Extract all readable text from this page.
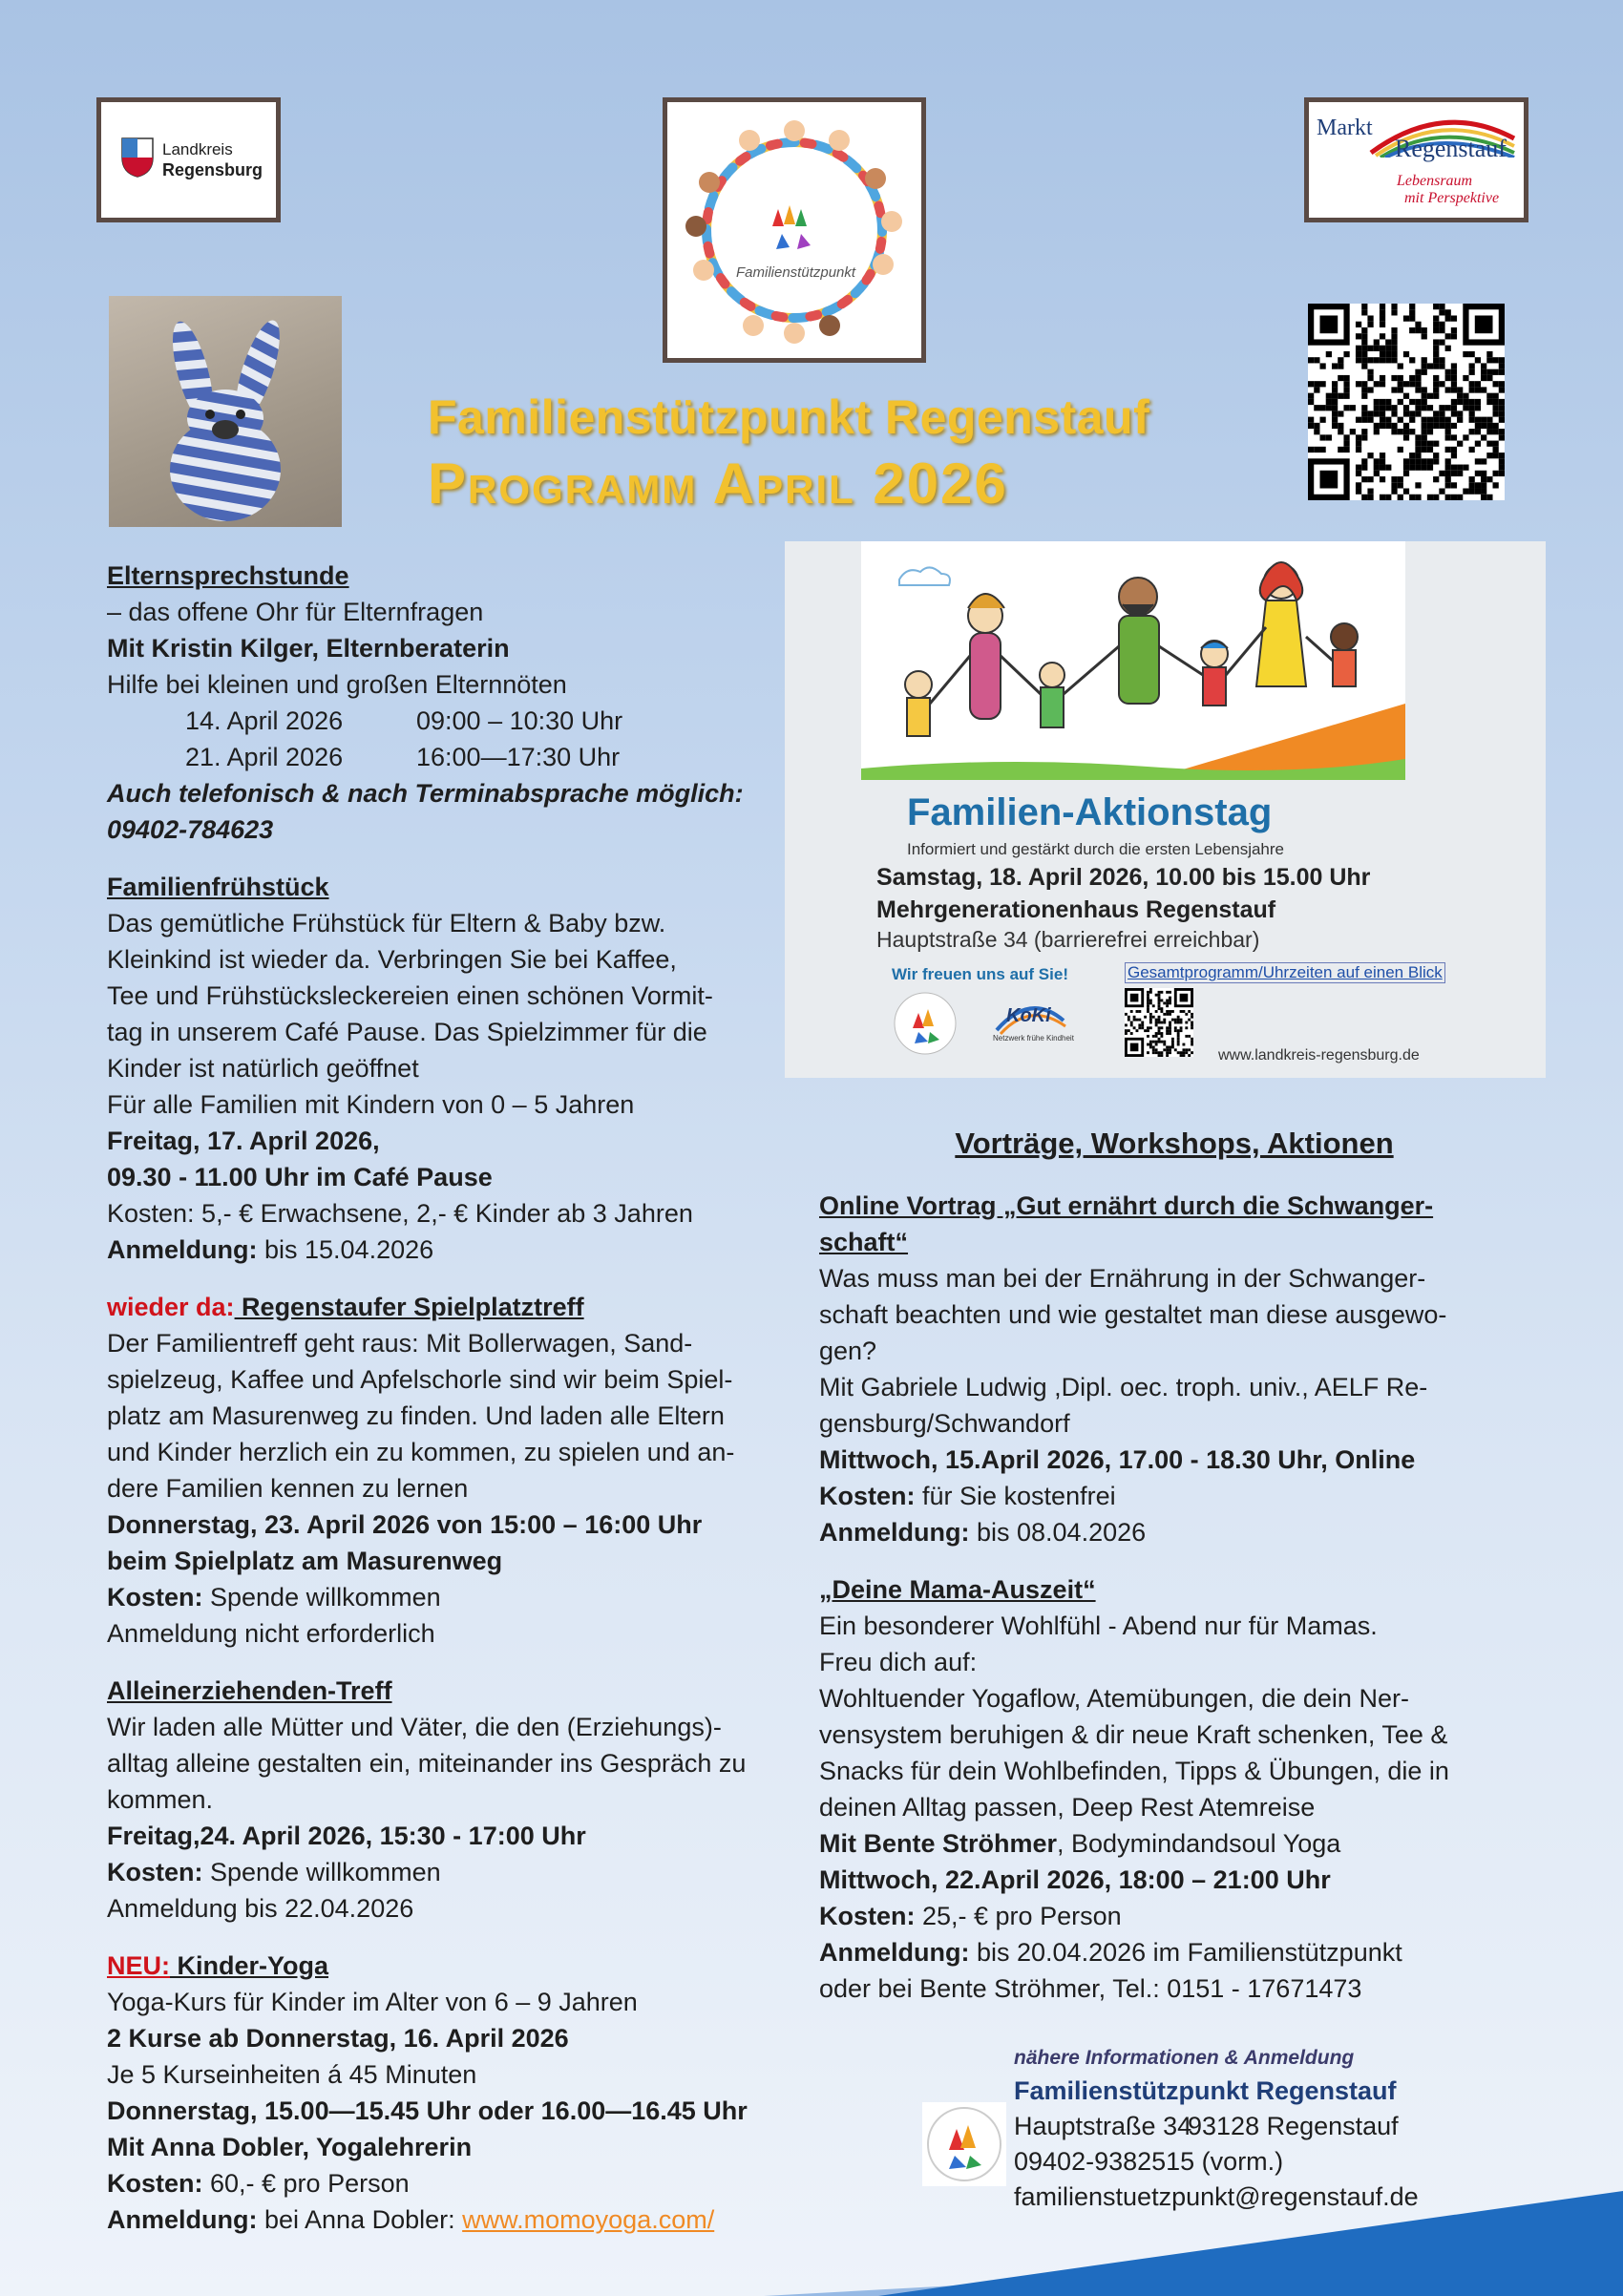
Landkreis
Regensburg
Familienstützpunkt
Markt
Regenstauf
Lebensraum
mit Perspektive
Familienstützpunkt Regenstauf
Programm April 2026

Elternsprechstunde

– das offene Ohr für Elternfragen

Mit Kristin Kilger, Elternberaterin

Hilfe bei kleinen und großen Elternnöten

14. April 2026	09:00 – 10:30 Uhr

21. April 2026	16:00—17:30 Uhr

Auch telefonisch & nach Terminabsprache möglich:

09402-784623

Familienfrühstück

Das gemütliche Frühstück für Eltern & Baby bzw.

Kleinkind ist wieder da. Verbringen Sie bei Kaffee,

Tee und Frühstücksleckereien einen schönen Vormit-

tag in unserem Café Pause. Das Spielzimmer für die

Kinder ist natürlich geöffnet

Für alle Familien mit Kindern von 0 – 5 Jahren

Freitag, 17. April 2026,

09.30 - 11.00 Uhr im Café Pause

Kosten: 5,- € Erwachsene, 2,- € Kinder ab 3 Jahren

Anmeldung: bis 15.04.2026

wieder da: Regenstaufer Spielplatztreff

Der Familientreff geht raus: Mit Bollerwagen, Sand-

spielzeug, Kaffee und Apfelschorle sind wir beim Spiel-

platz am Masurenweg zu finden. Und laden alle Eltern

und Kinder herzlich ein zu kommen, zu spielen und an-

dere Familien kennen zu lernen

Donnerstag, 23. April 2026 von 15:00 – 16:00 Uhr

beim Spielplatz am Masurenweg

Kosten: Spende willkommen

Anmeldung nicht erforderlich

Alleinerziehenden-Treff

Wir laden alle Mütter und Väter, die den (Erziehungs)-

alltag alleine gestalten ein, miteinander ins Gespräch zu

kommen.

Freitag,24. April 2026, 15:30 - 17:00 Uhr

Kosten: Spende willkommen

Anmeldung bis 22.04.2026

NEU: Kinder-Yoga

Yoga-Kurs für Kinder im Alter von 6 – 9 Jahren

2 Kurse ab Donnerstag, 16. April 2026

Je 5 Kurseinheiten á 45 Minuten

Donnerstag, 15.00—15.45 Uhr oder 16.00—16.45 Uhr

Mit Anna Dobler, Yogalehrerin

Kosten: 60,- € pro Person

Anmeldung: bei Anna Dobler: www.momoyoga.com/

Familien-Aktionstag
Informiert und gestärkt durch die ersten Lebensjahre
Samstag, 18. April 2026, 10.00 bis 15.00 Uhr
Mehrgenerationenhaus Regenstauf
Hauptstraße 34 (barrierefrei erreichbar)
Wir freuen uns auf Sie!	Gesamtprogramm/Uhrzeiten auf einen Blick
KoKi
Netzwerk frühe Kindheit
www.landkreis-regensburg.de
Vorträge, Workshops, Aktionen

Online Vortrag „Gut ernährt durch die Schwanger-

schaft“

Was muss man bei der Ernährung in der Schwanger-

schaft beachten und wie gestaltet man diese ausgewo-

gen?

Mit Gabriele Ludwig ,Dipl. oec. troph. univ., AELF Re-

gensburg/Schwandorf

Mittwoch, 15.April 2026, 17.00 - 18.30 Uhr, Online

Kosten: für Sie kostenfrei

Anmeldung: bis 08.04.2026

„Deine Mama-Auszeit“

Ein besonderer Wohlfühl - Abend nur für Mamas.

Freu dich auf:

Wohltuender Yogaflow, Atemübungen, die dein Ner-

vensystem beruhigen & dir neue Kraft schenken, Tee &

Snacks für dein Wohlbefinden, Tipps & Übungen, die in

deinen Alltag passen, Deep Rest Atemreise

Mit Bente Ströhmer, Bodymindandsoul Yoga

Mittwoch, 22.April 2026, 18:00 – 21:00 Uhr

Kosten: 25,- € pro Person

Anmeldung: bis 20.04.2026 im Familienstützpunkt

oder bei Bente Ströhmer, Tel.: 0151 - 17671473

nähere Informationen & Anmeldung
Familienstützpunkt Regenstauf
Hauptstraße 3493128 Regenstauf
09402-9382515 (vorm.)
familienstuetzpunkt@regenstauf.de
